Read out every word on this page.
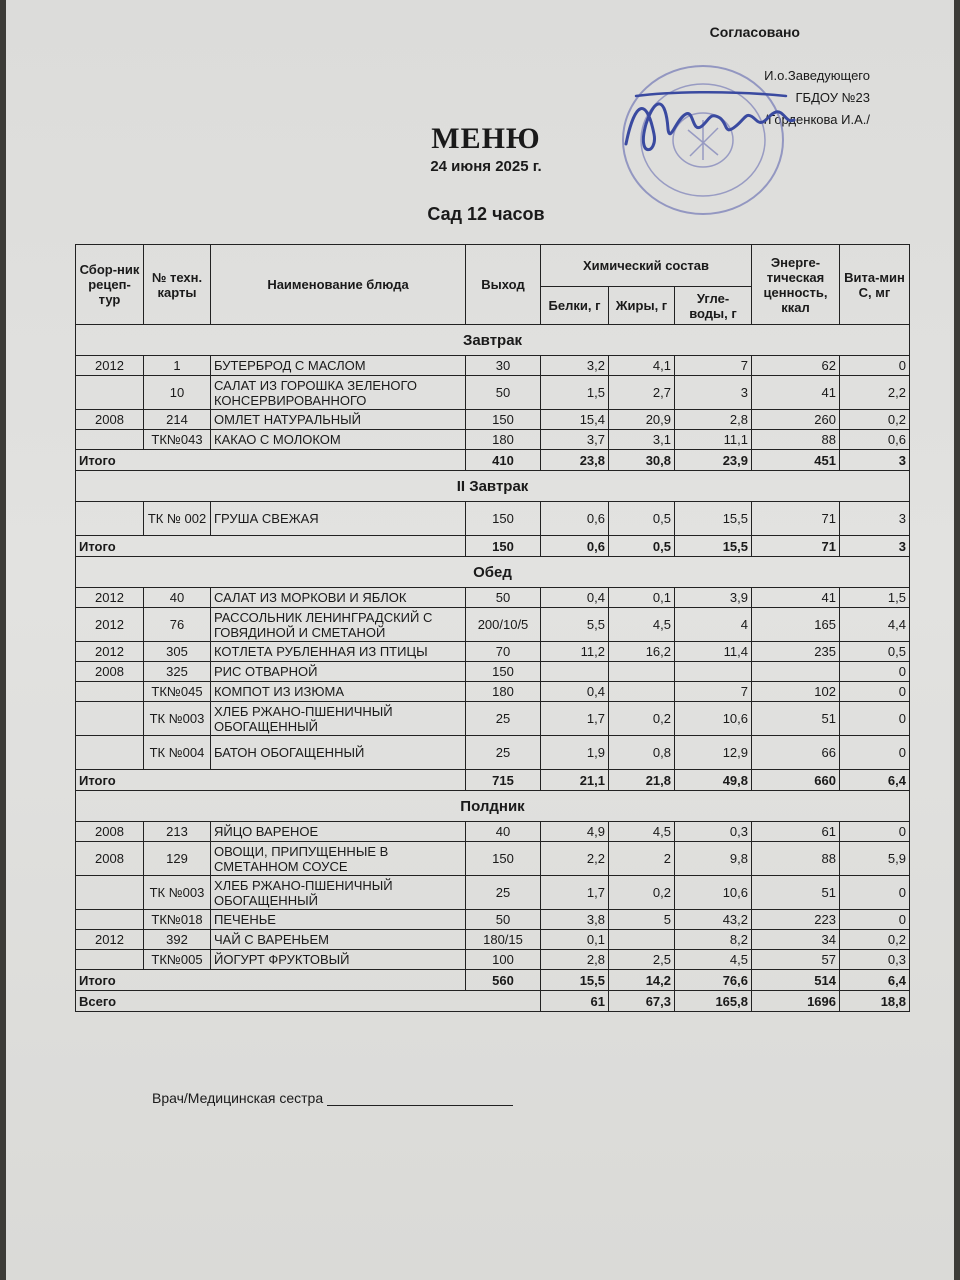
Согласовано
И.о.Заведующего
ГБДОУ №23
/Горденкова И.А./
МЕНЮ
24 июня 2025 г.
Сад 12 часов
Сбор-ник рецеп-тур	№ техн. карты	Наименование блюда	Выход	Химический состав			Энерге-тическая ценность, ккал	Вита-мин С, мг
				Белки, г	Жиры, г	Угле-воды, г		
Завтрак								
2012	1	БУТЕРБРОД С МАСЛОМ	30	3,2	4,1	7	62	0
	10	САЛАТ ИЗ ГОРОШКА ЗЕЛЕНОГО КОНСЕРВИРОВАННОГО	50	1,5	2,7	3	41	2,2
2008	214	ОМЛЕТ НАТУРАЛЬНЫЙ	150	15,4	20,9	2,8	260	0,2
	ТК№043	КАКАО С МОЛОКОМ	180	3,7	3,1	11,1	88	0,6
Итого			410	23,8	30,8	23,9	451	3
II Завтрак								
	ТК № 002	ГРУША СВЕЖАЯ	150	0,6	0,5	15,5	71	3
Итого			150	0,6	0,5	15,5	71	3
Обед								
2012	40	САЛАТ ИЗ МОРКОВИ И ЯБЛОК	50	0,4	0,1	3,9	41	1,5
2012	76	РАССОЛЬНИК ЛЕНИНГРАДСКИЙ С ГОВЯДИНОЙ И СМЕТАНОЙ	200/10/5	5,5	4,5	4	165	4,4
2012	305	КОТЛЕТА РУБЛЕННАЯ ИЗ ПТИЦЫ	70	11,2	16,2	11,4	235	0,5
2008	325	РИС ОТВАРНОЙ	150					0
	ТК№045	КОМПОТ ИЗ ИЗЮМА	180	0,4		7	102	0
	ТК №003	ХЛЕБ РЖАНО-ПШЕНИЧНЫЙ ОБОГАЩЕННЫЙ	25	1,7	0,2	10,6	51	0
	ТК №004	БАТОН ОБОГАЩЕННЫЙ	25	1,9	0,8	12,9	66	0
Итого			715	21,1	21,8	49,8	660	6,4
Полдник								
2008	213	ЯЙЦО ВАРЕНОЕ	40	4,9	4,5	0,3	61	0
2008	129	ОВОЩИ, ПРИПУЩЕННЫЕ В СМЕТАННОМ СОУСЕ	150	2,2	2	9,8	88	5,9
	ТК №003	ХЛЕБ РЖАНО-ПШЕНИЧНЫЙ ОБОГАЩЕННЫЙ	25	1,7	0,2	10,6	51	0
	ТК№018	ПЕЧЕНЬЕ	50	3,8	5	43,2	223	0
2012	392	ЧАЙ С ВАРЕНЬЕМ	180/15	0,1		8,2	34	0,2
	ТК№005	ЙОГУРТ ФРУКТОВЫЙ	100	2,8	2,5	4,5	57	0,3
Итого			560	15,5	14,2	76,6	514	6,4
Всего				61	67,3	165,8	1696	18,8
Врач/Медицинская сестра
